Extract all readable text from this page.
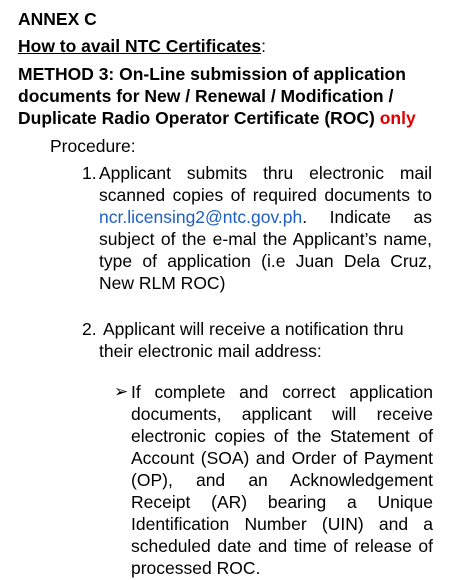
ANNEX C
How to avail NTC Certificates:
METHOD 3: On-Line submission of application
documents for New / Renewal / Modification /
Duplicate Radio Operator Certificate (ROC) only
Procedure:
1. Applicant submits thru electronic mail
scanned copies of required documents to
ncr.licensing2@ntc.gov.ph. Indicate as
subject of the e-mal the Applicant’s name,
type of application (i.e Juan Dela Cruz,
New RLM ROC)
2. Applicant will receive a notification thru
their electronic mail address:
➢ If complete and correct application
documents, applicant will receive
electronic copies of the Statement of
Account (SOA) and Order of Payment
(OP), and an Acknowledgement
Receipt (AR) bearing a Unique
Identification Number (UIN) and a
scheduled date and time of release of
processed ROC.
